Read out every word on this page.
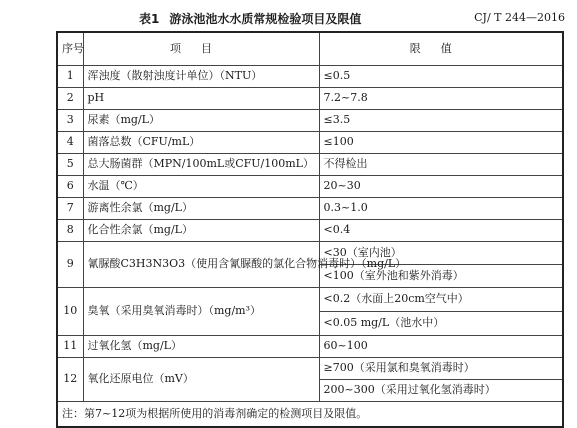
表1 游泳池池水水质常规检验项目及限值	CJ/ T 244—2016
序号	项目	限值
1	浑浊度（散射浊度计单位）（NTU）	≤0.5
2	pH	7.2~7.8
3	尿素（mg/L）	≤3.5
4	菌落总数（CFU/mL）	≤100
5	总大肠菌群（MPN/100mL或CFU/100mL）	不得检出
6	水温（℃）	20~30
7	游离性余氯（mg/L）	0.3~1.0
8	化合性余氯（mg/L）	<0.4
9	氰脲酸C3H3N3O3（使用含氰脲酸的氯化合物消毒时）（mg/L）	<30（室内池）
		<100（室外池和紫外消毒）
10	臭氧（采用臭氧消毒时）（mg/m³）	<0.2（水面上20cm空气中）
		<0.05 mg/L（池水中）
11	过氧化氢（mg/L）	60~100
12	氧化还原电位（mV）	≥700（采用氯和臭氧消毒时）
		200~300（采用过氧化氢消毒时）
注：第7~12项为根据所使用的消毒剂确定的检测项目及限值。		
